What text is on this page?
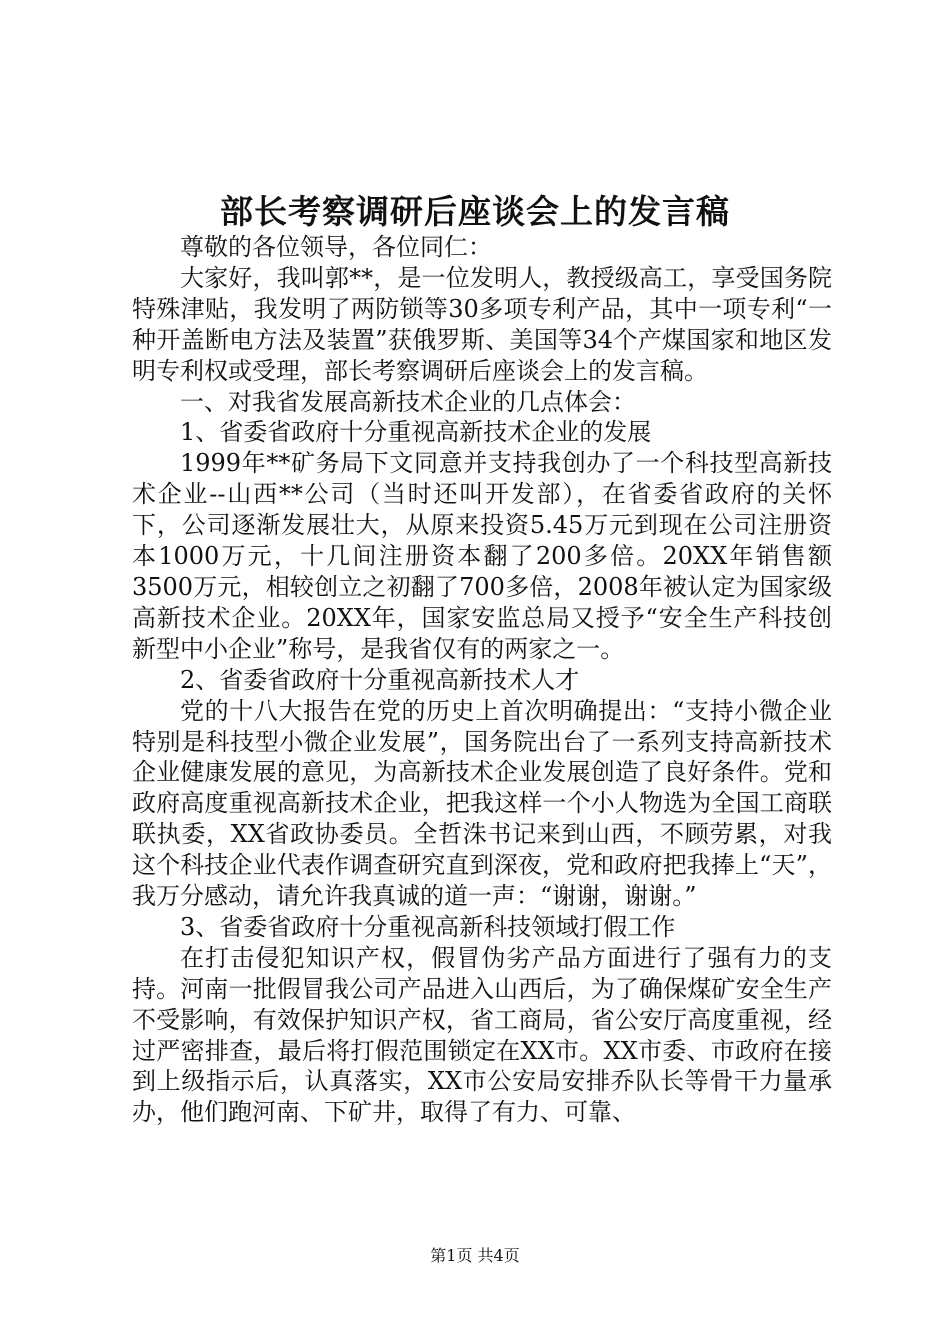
部长考察调研后座谈会上的发言稿

尊敬的各位领导，各位同仁：

大家好，我叫郭**，是一位发明人，教授级高工，享受国务院特殊津贴，我发明了两防锁等30多项专利产品，其中一项专利“一种开盖断电方法及装置”获俄罗斯、美国等34个产煤国家和地区发明专利权或受理，部长考察调研后座谈会上的发言稿。

一、对我省发展高新技术企业的几点体会：

1、省委省政府十分重视高新技术企业的发展

1999年**矿务局下文同意并支持我创办了一个科技型高新技术企业--山西**公司（当时还叫开发部），在省委省政府的关怀下，公司逐渐发展壮大，从原来投资5.45万元到现在公司注册资本1000万元，十几间注册资本翻了200多倍。20XX年销售额3500万元，相较创立之初翻了700多倍，2008年被认定为国家级高新技术企业。20XX年，国家安监总局又授予“安全生产科技创新型中小企业”称号，是我省仅有的两家之一。

2、省委省政府十分重视高新技术人才

党的十八大报告在党的历史上首次明确提出：“支持小微企业特别是科技型小微企业发展”，国务院出台了一系列支持高新技术企业健康发展的意见，为高新技术企业发展创造了良好条件。党和政府高度重视高新技术企业，把我这样一个小人物选为全国工商联联执委，XX省政协委员。全哲洙书记来到山西，不顾劳累，对我这个科技企业代表作调查研究直到深夜，党和政府把我捧上“天”，我万分感动，请允许我真诚的道一声：“谢谢，谢谢。”

3、省委省政府十分重视高新科技领域打假工作

在打击侵犯知识产权，假冒伪劣产品方面进行了强有力的支持。河南一批假冒我公司产品进入山西后，为了确保煤矿安全生产不受影响，有效保护知识产权，省工商局，省公安厅高度重视，经过严密排查，最后将打假范围锁定在XX市。XX市委、市政府在接到上级指示后，认真落实，XX市公安局安排乔队长等骨干力量承办，他们跑河南、下矿井，取得了有力、可靠、

第1页 共4页
